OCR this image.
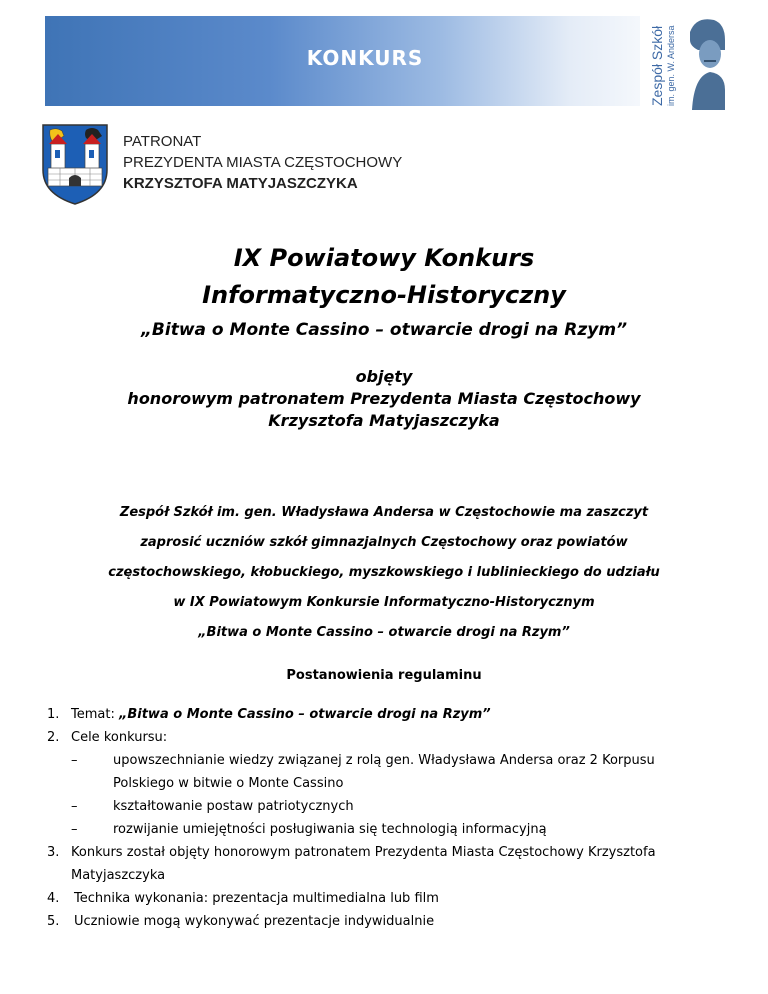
KONKURS	Zespół Szkół im. gen. W. Andersa
PATRONAT
PREZYDENTA MIASTA CZĘSTOCHOWY
KRZYSZTOFA MATYJASZCZYKA
IX Powiatowy Konkurs
Informatyczno-Historyczny
„Bitwa o Monte Cassino – otwarcie drogi na Rzym”
objęty
honorowym patronatem Prezydenta Miasta Częstochowy
Krzysztofa Matyjaszczyka
Zespół Szkół im. gen. Władysława Andersa w Częstochowie ma zaszczyt
zaprosić uczniów szkół gimnazjalnych Częstochowy oraz powiatów
częstochowskiego, kłobuckiego, myszkowskiego i lublinieckiego do udziału
w IX Powiatowym Konkursie Informatyczno-Historycznym
„Bitwa o Monte Cassino – otwarcie drogi na Rzym”
Postanowienia regulaminu
1. Temat: „Bitwa o Monte Cassino – otwarcie drogi na Rzym”
2. Cele konkursu:
–	upowszechnianie wiedzy związanej z rolą gen. Władysława Andersa oraz 2 Korpusu
Polskiego w bitwie o Monte Cassino
–	kształtowanie postaw patriotycznych
–	rozwijanie umiejętności posługiwania się technologią informacyjną
3. Konkurs został objęty honorowym patronatem Prezydenta Miasta Częstochowy Krzysztofa
Matyjaszczyka
4. Technika wykonania: prezentacja multimedialna lub film
5. Uczniowie mogą wykonywać prezentacje indywidualnie
